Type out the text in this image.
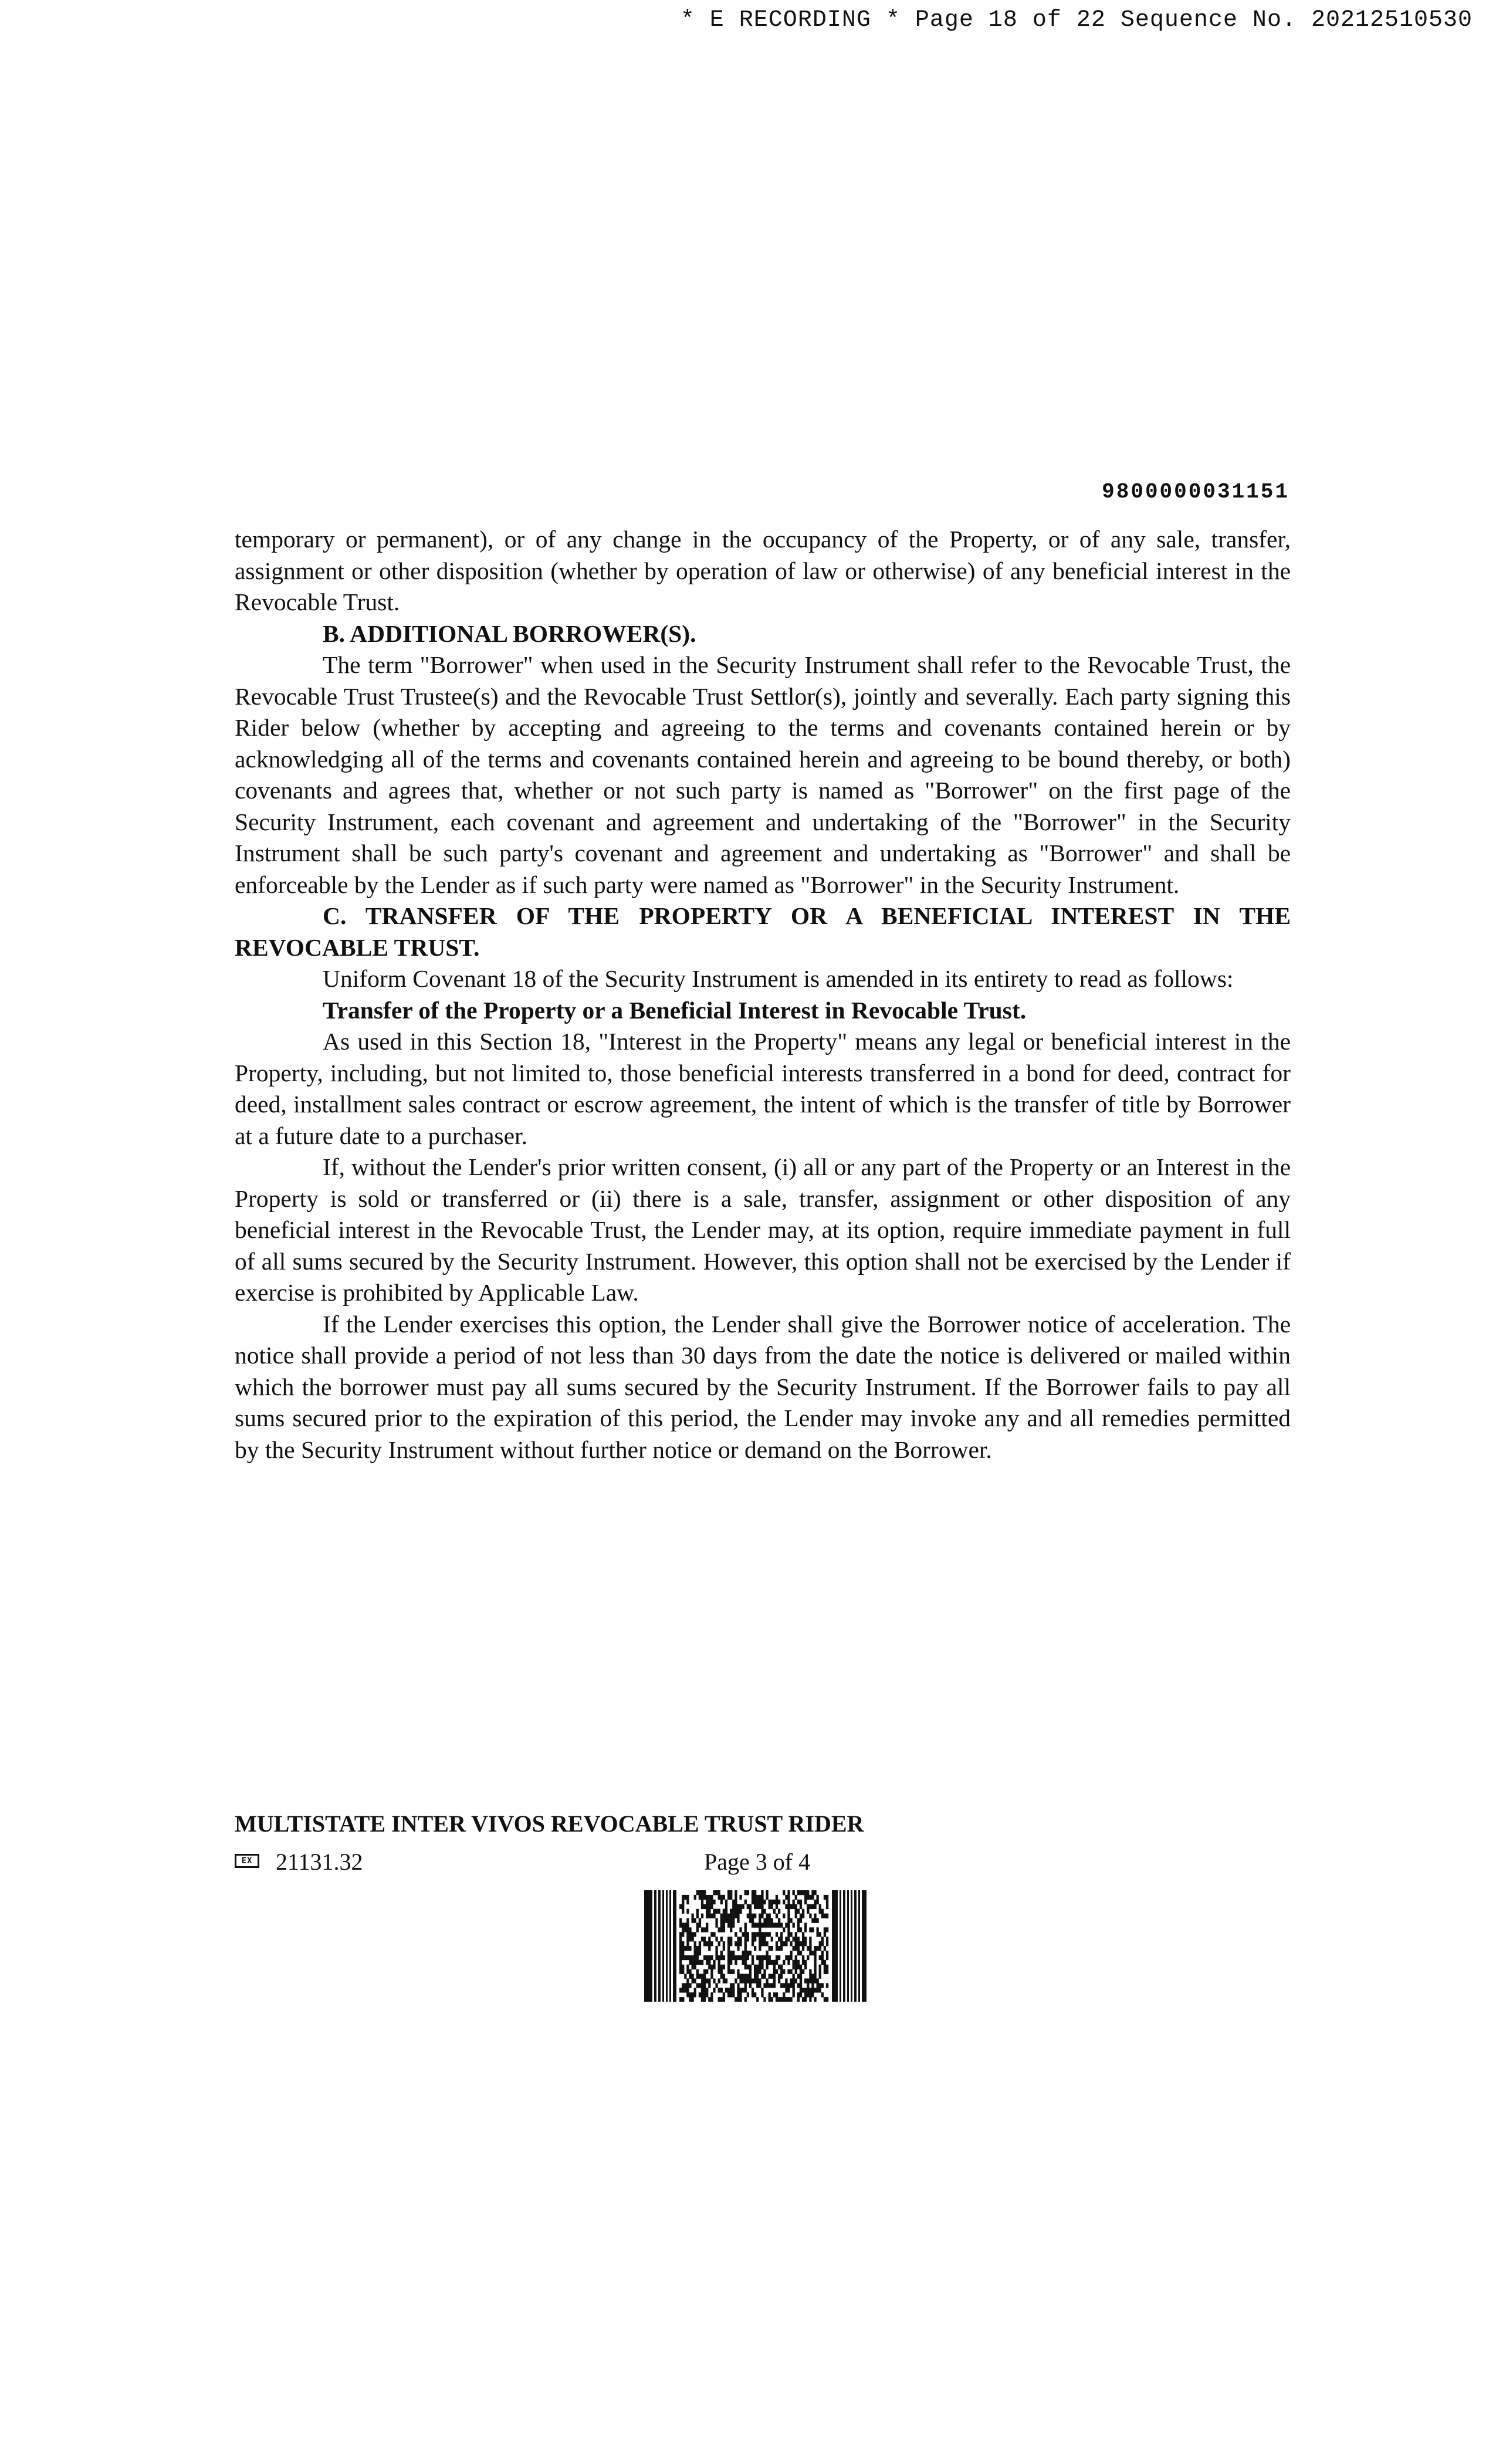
* E RECORDING * Page 18 of 22 Sequence No. 20212510530
9800000031151

temporary or permanent), or of any change in the occupancy of the Property, or of any sale, transfer, assignment or other disposition (whether by operation of law or otherwise) of any beneficial interest in the Revocable Trust.

B. ADDITIONAL BORROWER(S).

The term "Borrower" when used in the Security Instrument shall refer to the Revocable Trust, the Revocable Trust Trustee(s) and the Revocable Trust Settlor(s), jointly and severally. Each party signing this Rider below (whether by accepting and agreeing to the terms and covenants contained herein or by acknowledging all of the terms and covenants contained herein and agreeing to be bound thereby, or both) covenants and agrees that, whether or not such party is named as "Borrower" on the first page of the Security Instrument, each covenant and agreement and undertaking of the "Borrower" in the Security Instrument shall be such party's covenant and agreement and undertaking as "Borrower" and shall be enforceable by the Lender as if such party were named as "Borrower" in the Security Instrument.

C. TRANSFER OF THE PROPERTY OR A BENEFICIAL INTEREST IN THE REVOCABLE TRUST.

Uniform Covenant 18 of the Security Instrument is amended in its entirety to read as follows:

Transfer of the Property or a Beneficial Interest in Revocable Trust.

As used in this Section 18, "Interest in the Property" means any legal or beneficial interest in the Property, including, but not limited to, those beneficial interests transferred in a bond for deed, contract for deed, installment sales contract or escrow agreement, the intent of which is the transfer of title by Borrower at a future date to a purchaser.

If, without the Lender's prior written consent, (i) all or any part of the Property or an Interest in the Property is sold or transferred or (ii) there is a sale, transfer, assignment or other disposition of any beneficial interest in the Revocable Trust, the Lender may, at its option, require immediate payment in full of all sums secured by the Security Instrument. However, this option shall not be exercised by the Lender if exercise is prohibited by Applicable Law.

If the Lender exercises this option, the Lender shall give the Borrower notice of acceleration. The notice shall provide a period of not less than 30 days from the date the notice is delivered or mailed within which the borrower must pay all sums secured by the Security Instrument. If the Borrower fails to pay all sums secured prior to the expiration of this period, the Lender may invoke any and all remedies permitted by the Security Instrument without further notice or demand on the Borrower.

MULTISTATE INTER VIVOS REVOCABLE TRUST RIDER
EX 21131.32	Page 3 of 4
